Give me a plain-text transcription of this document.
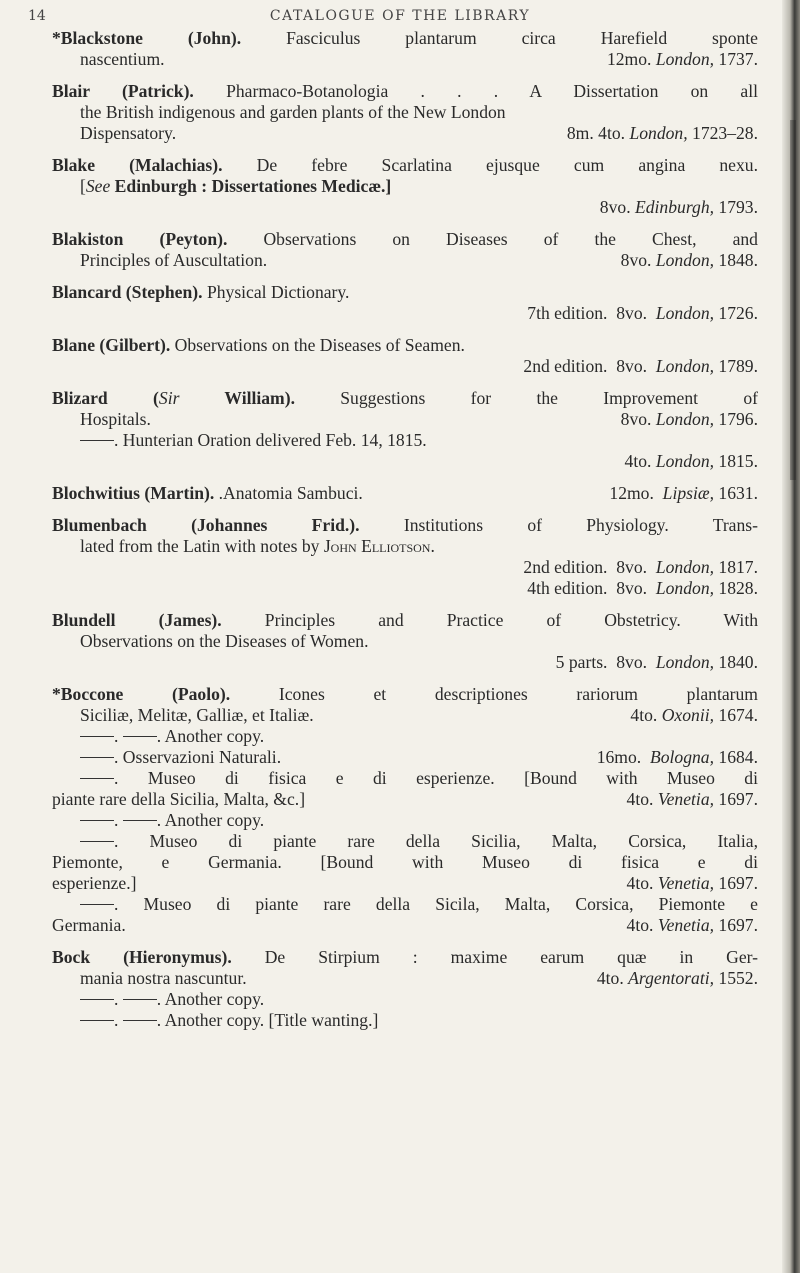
14	CATALOGUE OF THE LIBRARY
*Blackstone (John). Fasciculus plantarum circa Harefield sponte
nascentium.	12mo. London, 1737.
Blair (Patrick). Pharmaco-Botanologia . . . A Dissertation on all
the British indigenous and garden plants of the New London
Dispensatory.	8m. 4to. London, 1723–28.
Blake (Malachias). De febre Scarlatina ejusque cum angina nexu.
[See Edinburgh : Dissertationes Medicæ.]
8vo. Edinburgh, 1793.
Blakiston (Peyton). Observations on Diseases of the Chest, and
Principles of Auscultation.	8vo. London, 1848.
Blancard (Stephen). Physical Dictionary.
7th edition. 8vo. London, 1726.
Blane (Gilbert). Observations on the Diseases of Seamen.
2nd edition. 8vo. London, 1789.
Blizard (Sir William). Suggestions for the Improvement of
Hospitals.	8vo. London, 1796.
. Hunterian Oration delivered Feb. 14, 1815.
4to. London, 1815.
Blochwitius (Martin). .Anatomia Sambuci.	12mo. Lipsiæ, 1631.
Blumenbach (Johannes Frid.). Institutions of Physiology. Trans-
lated from the Latin with notes by John Elliotson.
2nd edition. 8vo. London, 1817.
4th edition. 8vo. London, 1828.
Blundell (James). Principles and Practice of Obstetricy. With
Observations on the Diseases of Women.
5 parts. 8vo. London, 1840.
*Boccone (Paolo). Icones et descriptiones rariorum plantarum
Siciliæ, Melitæ, Galliæ, et Italiæ.	4to. Oxonii, 1674.
. . Another copy.
. Osservazioni Naturali.	16mo. Bologna, 1684.
. Museo di fisica e di esperienze. [Bound with Museo di
piante rare della Sicilia, Malta, &c.]	4to. Venetia, 1697.
. . Another copy.
. Museo di piante rare della Sicilia, Malta, Corsica, Italia,
Piemonte, e Germania. [Bound with Museo di fisica e di
esperienze.]	4to. Venetia, 1697.
. Museo di piante rare della Sicila, Malta, Corsica, Piemonte e
Germania.	4to. Venetia, 1697.
Bock (Hieronymus). De Stirpium : maxime earum quæ in Ger-
mania nostra nascuntur.	4to. Argentorati, 1552.
. . Another copy.
. . Another copy. [Title wanting.]
